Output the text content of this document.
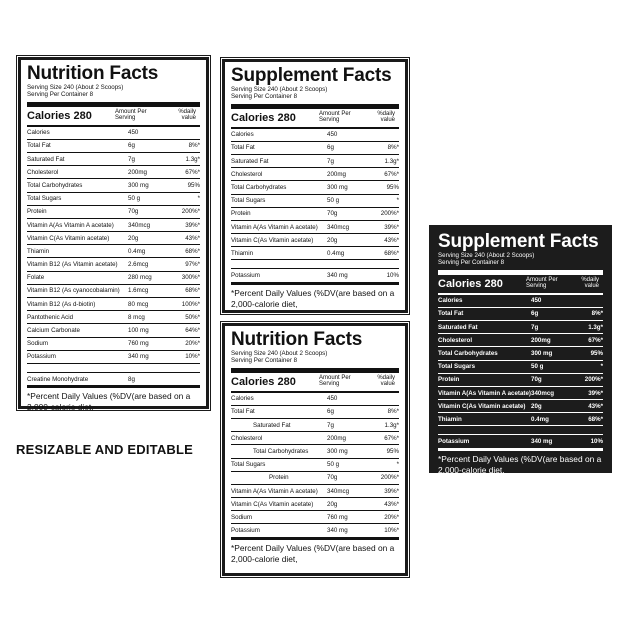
RESIZABLE AND EDITABLE
Nutrition Facts
Serving Size 240 (About 2 Scoops)
Serving Per Container 8
Calories 280	Amount Per Serving
%daily value
Calories	450
Total Fat	6g	8%*
Saturated Fat	7g	1.3g*
Cholesterol	200mg	67%*
Total Carbohydrates	300 mg	95%
Total Sugars	50 g	*
Protein	70g	200%*
Vitamin A(As Vitamin A acetate)	340mcg	39%*
Vitamin C(As Vitamin acetate)	20g	43%*
Thiamin	0.4mg	68%*
Vitamin B12 (As Vitamin acetate)	2.6mcg	97%*
Folate	280 mcg	300%*
Vitamin B12 (As cyanocobalamin)	1.6mcg	68%*
Vitamin B12 (As d-biotin)	80 mcg	100%*
Pantothenic Acid	8 mcg	50%*
Calcium Carbonate	100 mg	64%*
Sodium	760 mg	20%*
Potassium	340 mg	10%*
Creatine Monohydrate	8g
*Percent Daily Values (%DV(are based on a 2,000-calorie diet,
Supplement Facts
Serving Size 240 (About 2 Scoops)
Serving Per Container 8
Calories 280	Amount Per Serving
%daily value
Calories	450
Total Fat	6g	8%*
Saturated Fat	7g	1.3g*
Cholesterol	200mg	67%*
Total Carbohydrates	300 mg	95%
Total Sugars	50 g	*
Protein	70g	200%*
Vitamin A(As Vitamin A acetate)	340mcg	39%*
Vitamin C(As Vitamin acetate)	20g	43%*
Thiamin	0.4mg	68%*
Potassium	340 mg	10%
*Percent Daily Values (%DV(are based on a 2,000-calorie diet,
Nutrition Facts
Serving Size 240 (About 2 Scoops)
Serving Per Container 8
Calories 280	Amount Per Serving
%daily value
Calories	450
Total Fat	6g	8%*
Saturated Fat	7g	1.3g*
Cholesterol	200mg	67%*
Total Carbohydrates	300 mg	95%
Total Sugars	50 g	*
Protein	70g	200%*
Vitamin A(As Vitamin A acetate)	340mcg	39%*
Vitamin C(As Vitamin acetate)	20g	43%*
Sodium	760 mg	20%*
Potassium	340 mg	10%*
*Percent Daily Values (%DV(are based on a 2,000-calorie diet,
Supplement Facts
Serving Size 240 (About 2 Scoops)
Serving Per Container 8
Calories 280	Amount Per Serving
%daily value
Calories	450
Total Fat	6g	8%*
Saturated Fat	7g	1.3g*
Cholesterol	200mg	67%*
Total Carbohydrates	300 mg	95%
Total Sugars	50 g	*
Protein	70g	200%*
Vitamin A(As Vitamin A acetate) 340mcg	39%*
Vitamin C(As Vitamin acetate) 20g	43%*
Thiamin	0.4mg	68%*
Potassium	340 mg	10%
*Percent Daily Values (%DV(are based on a 2,000-calorie diet,
